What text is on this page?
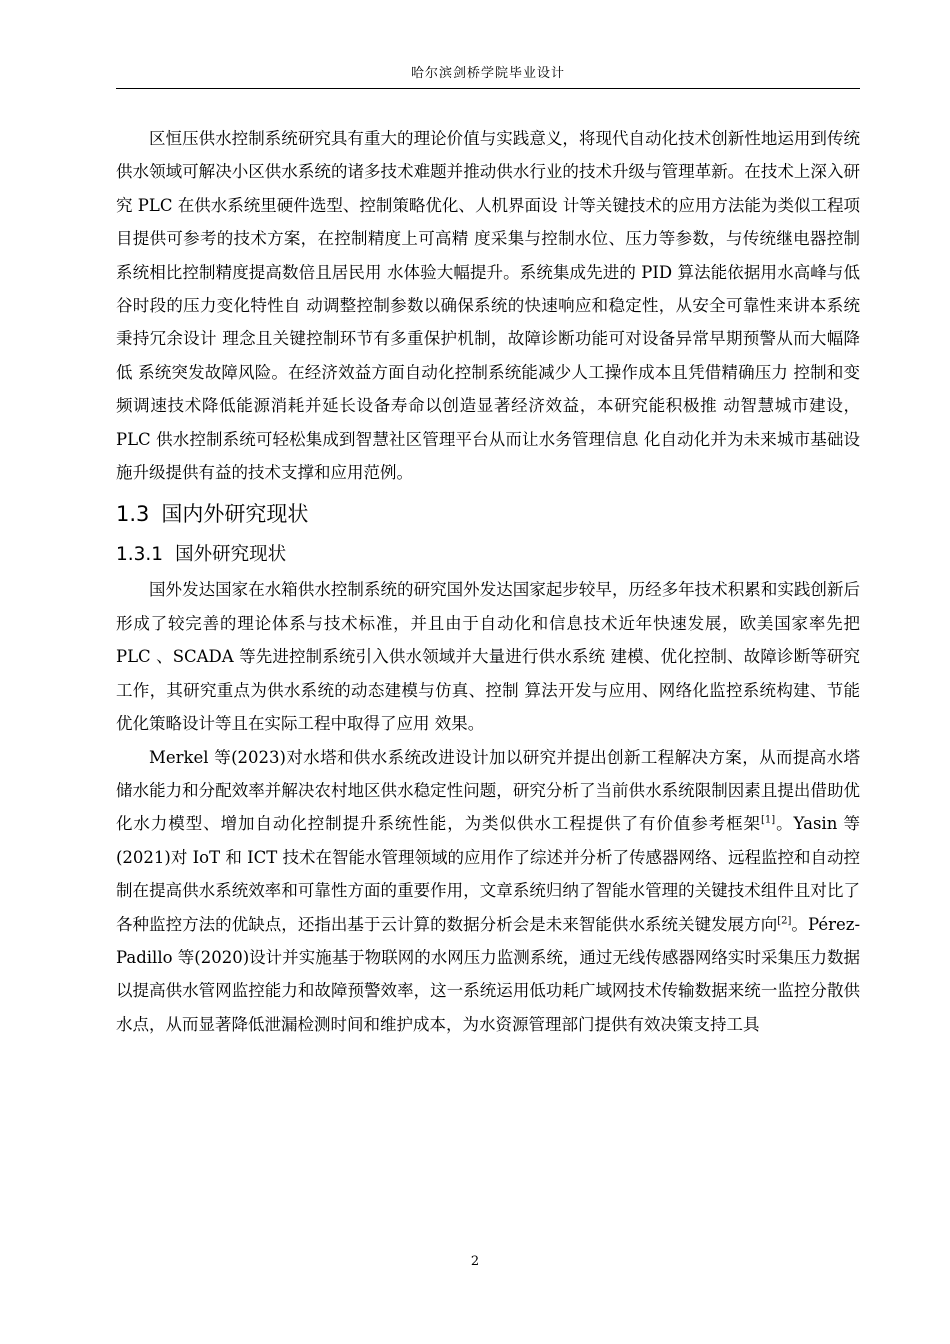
哈尔滨剑桥学院毕业设计

区恒压供水控制系统研究具有重大的理论价值与实践意义，将现代自动化技术创新性地运用到传统供水领域可解决小区供水系统的诸多技术难题并推动供水行业的技术升级与管理革新。在技术上深入研究 PLC 在供水系统里硬件选型、控制策略优化、人机界面设 计等关键技术的应用方法能为类似工程项目提供可参考的技术方案，在控制精度上可高精 度采集与控制水位、压力等参数，与传统继电器控制系统相比控制精度提高数倍且居民用 水体验大幅提升。系统集成先进的 PID 算法能依据用水高峰与低谷时段的压力变化特性自 动调整控制参数以确保系统的快速响应和稳定性，从安全可靠性来讲本系统秉持冗余设计 理念且关键控制环节有多重保护机制，故障诊断功能可对设备异常早期预警从而大幅降低 系统突发故障风险。在经济效益方面自动化控制系统能减少人工操作成本且凭借精确压力 控制和变频调速技术降低能源消耗并延长设备寿命以创造显著经济效益，本研究能积极推 动智慧城市建设，PLC 供水控制系统可轻松集成到智慧社区管理平台从而让水务管理信息 化自动化并为未来城市基础设施升级提供有益的技术支撑和应用范例。

1.3 国内外研究现状
1.3.1 国外研究现状

国外发达国家在水箱供水控制系统的研究国外发达国家起步较早，历经多年技术积累和实践创新后形成了较完善的理论体系与技术标准，并且由于自动化和信息技术近年快速发展，欧美国家率先把 PLC 、SCADA 等先进控制系统引入供水领域并大量进行供水系统 建模、优化控制、故障诊断等研究工作，其研究重点为供水系统的动态建模与仿真、控制 算法开发与应用、网络化监控系统构建、节能优化策略设计等且在实际工程中取得了应用 效果。

Merkel 等(2023)对水塔和供水系统改进设计加以研究并提出创新工程解决方案，从而提高水塔储水能力和分配效率并解决农村地区供水稳定性问题，研究分析了当前供水系统限制因素且提出借助优化水力模型、增加自动化控制提升系统性能，为类似供水工程提供了有价值参考框架[1]。Yasin 等(2021)对 IoT 和 ICT 技术在智能水管理领域的应用作了综述并分析了传感器网络、远程监控和自动控制在提高供水系统效率和可靠性方面的重要作用，文章系统归纳了智能水管理的关键技术组件且对比了各种监控方法的优缺点，还指出基于云计算的数据分析会是未来智能供水系统关键发展方向[2]。Pérez-Padillo 等(2020)设计并实施基于物联网的水网压力监测系统，通过无线传感器网络实时采集压力数据以提高供水管网监控能力和故障预警效率，这一系统运用低功耗广域网技术传输数据来统一监控分散供水点，从而显著降低泄漏检测时间和维护成本，为水资源管理部门提供有效决策支持工具

2
